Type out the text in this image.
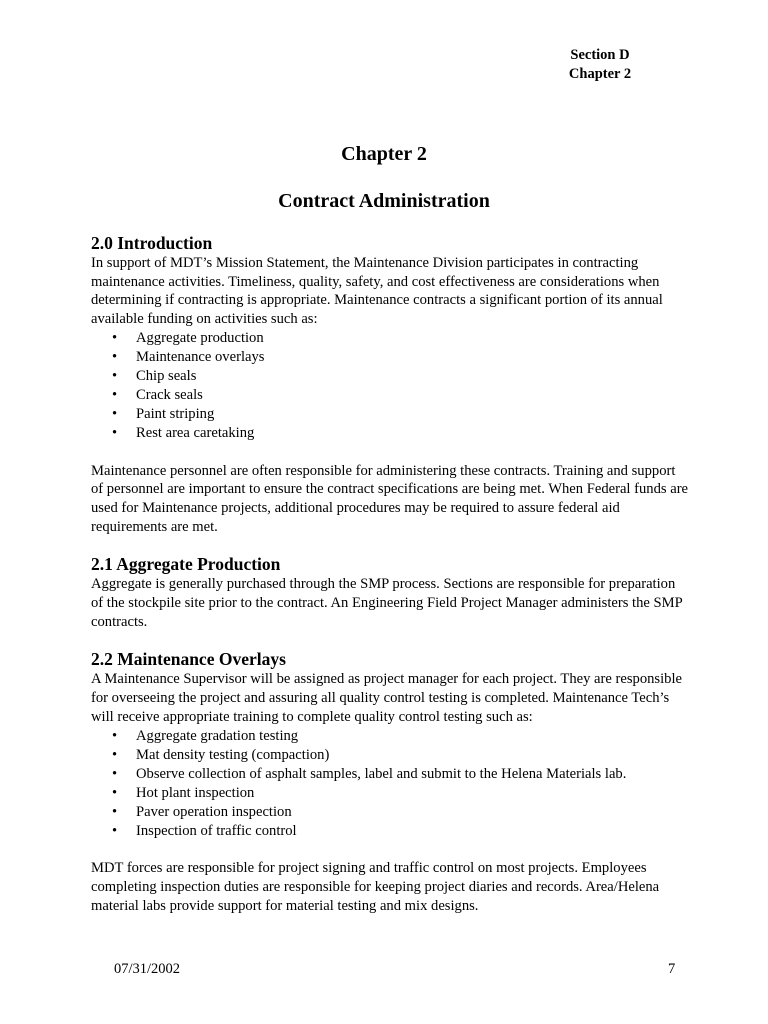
Section D
Chapter 2
Chapter 2
Contract Administration
2.0 Introduction

In support of MDT’s Mission Statement, the Maintenance Division participates in contracting maintenance activities. Timeliness, quality, safety, and cost effectiveness are considerations when determining if contracting is appropriate. Maintenance contracts a significant portion of its annual available funding on activities such as:

• Aggregate production
• Maintenance overlays
• Chip seals
• Crack seals
• Paint striping
• Rest area caretaking

Maintenance personnel are often responsible for administering these contracts. Training and support of personnel are important to ensure the contract specifications are being met. When Federal funds are used for Maintenance projects, additional procedures may be required to assure federal aid requirements are met.

2.1 Aggregate Production

Aggregate is generally purchased through the SMP process. Sections are responsible for preparation of the stockpile site prior to the contract. An Engineering Field Project Manager administers the SMP contracts.

2.2 Maintenance Overlays

A Maintenance Supervisor will be assigned as project manager for each project. They are responsible for overseeing the project and assuring all quality control testing is completed. Maintenance Tech’s will receive appropriate training to complete quality control testing such as:

• Aggregate gradation testing
• Mat density testing (compaction)
• Observe collection of asphalt samples, label and submit to the Helena Materials lab.
• Hot plant inspection
• Paver operation inspection
• Inspection of traffic control

MDT forces are responsible for project signing and traffic control on most projects. Employees completing inspection duties are responsible for keeping project diaries and records. Area/Helena material labs provide support for material testing and mix designs.

07/31/2002	7
